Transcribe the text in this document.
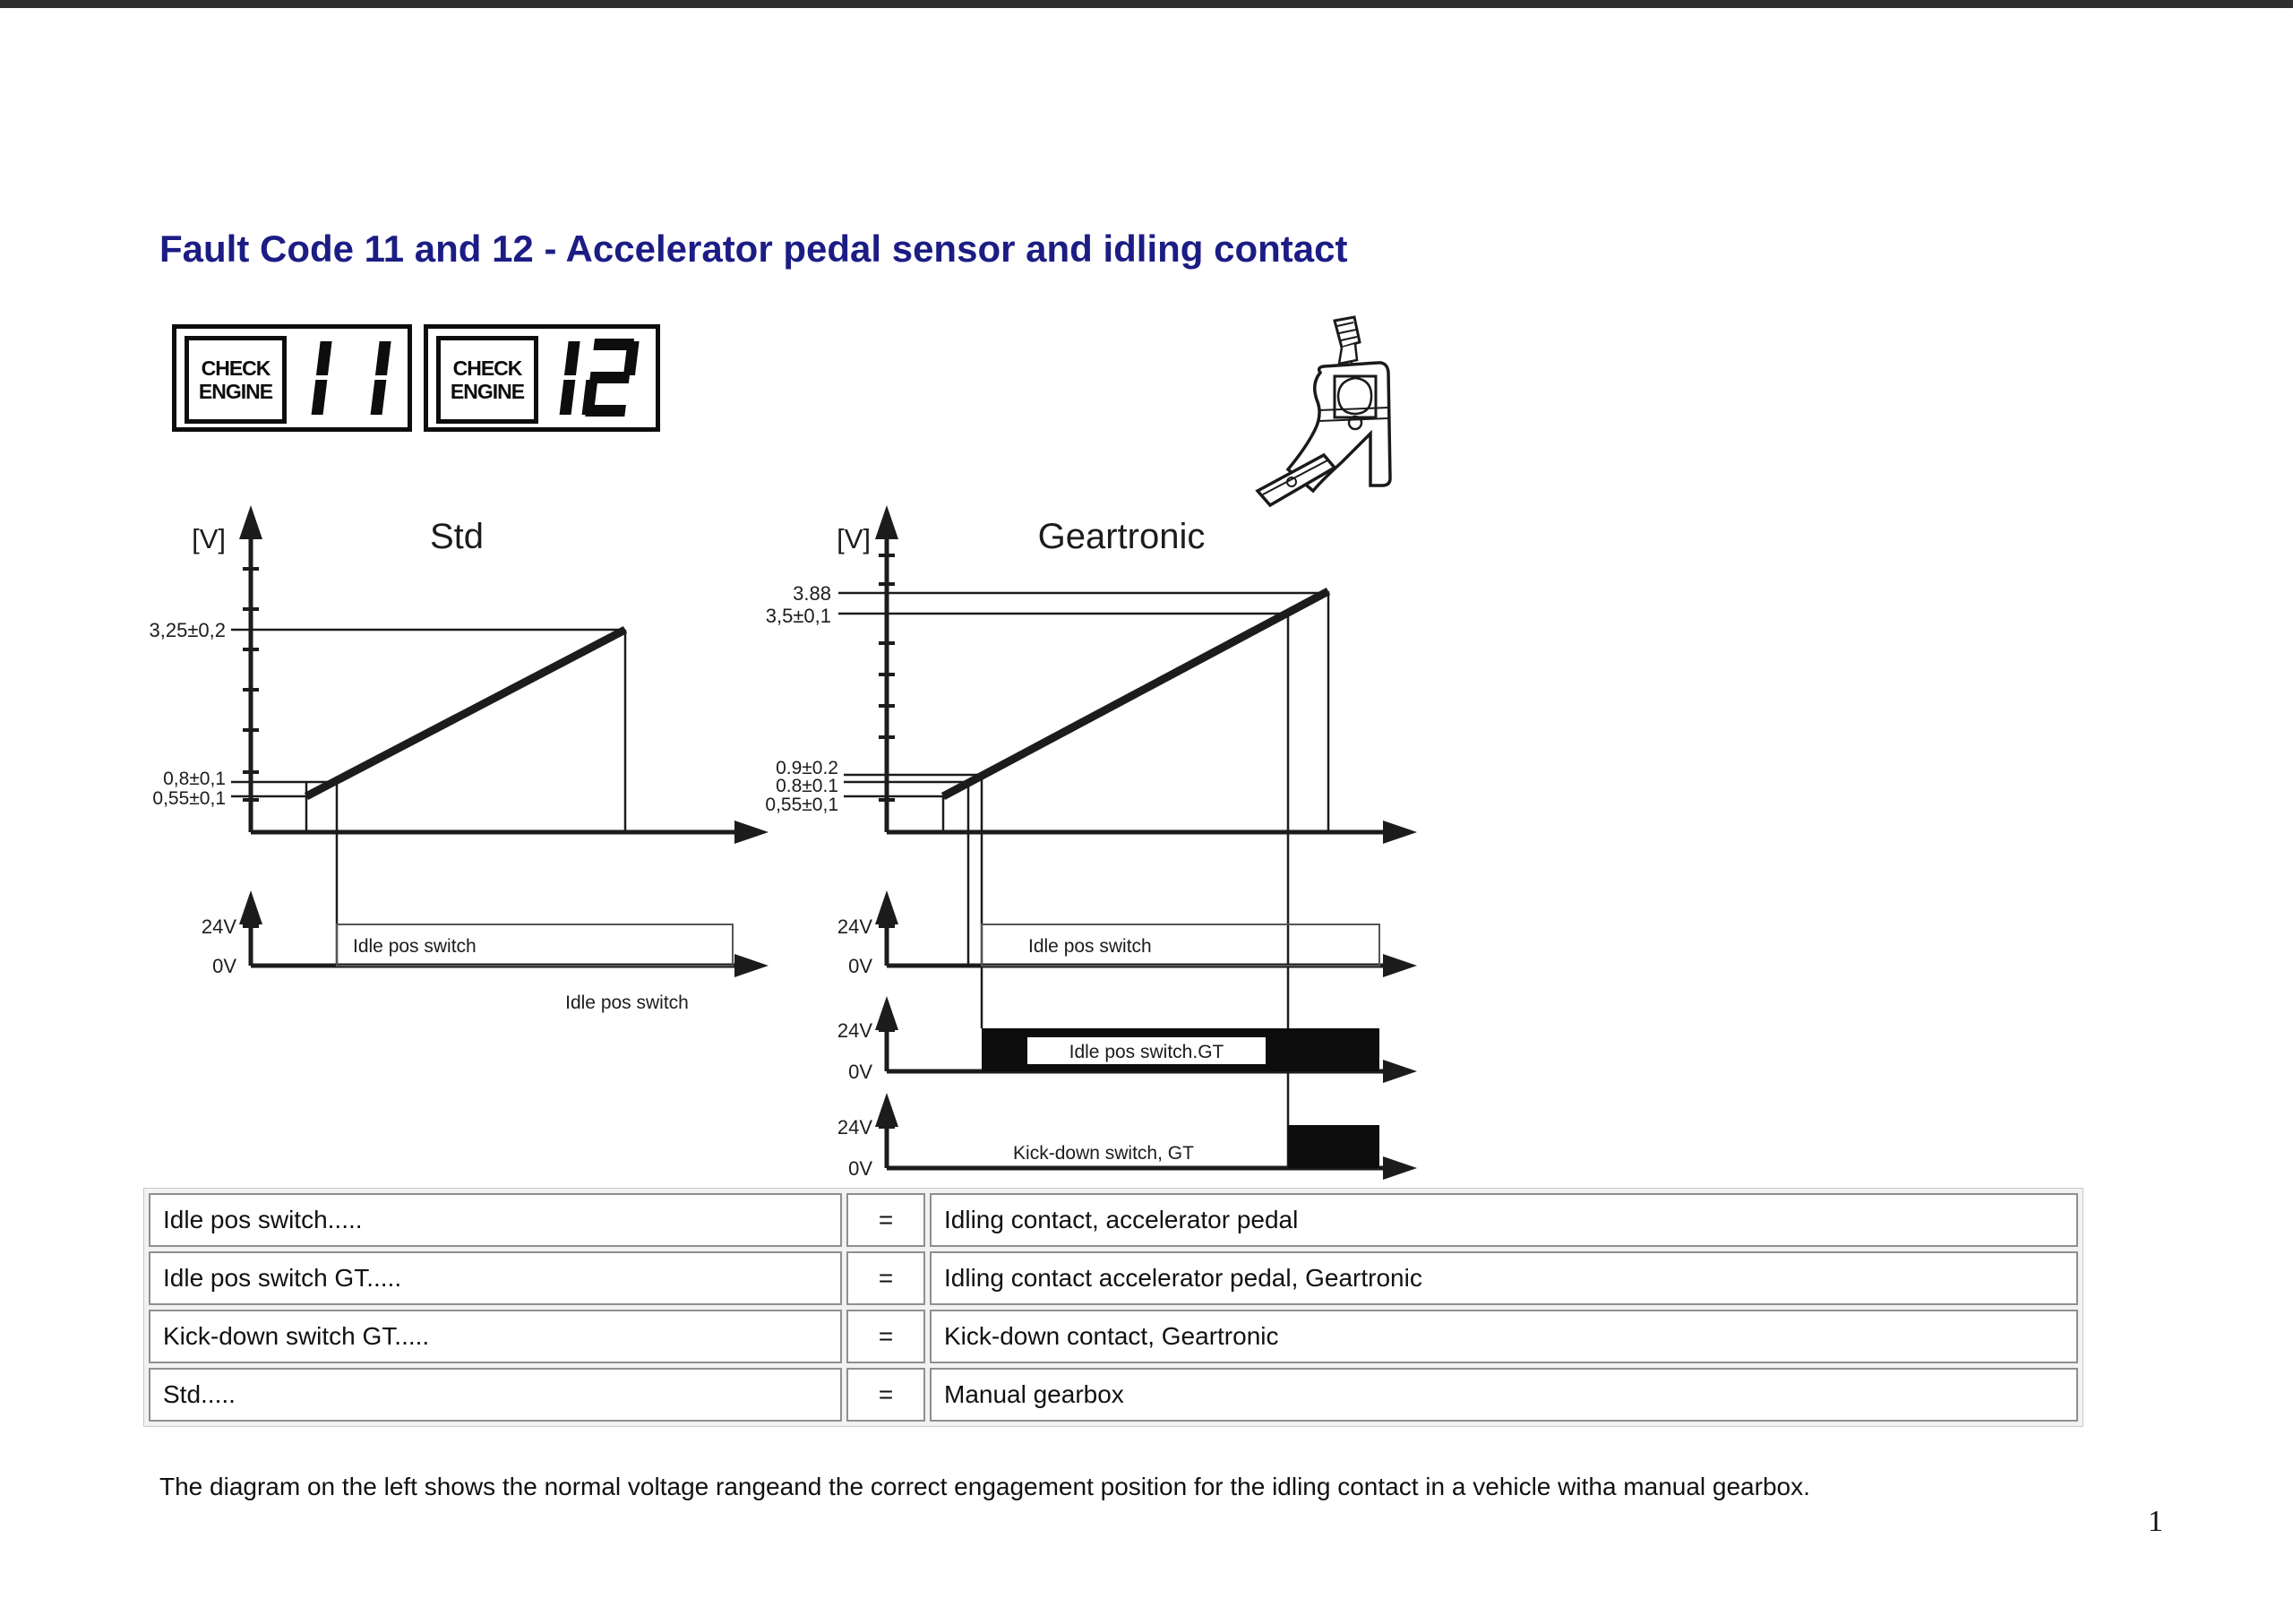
Fault Code 11 and 12 - Accelerator pedal sensor and idling contact
CHECK
ENGINE
CHECK
ENGINE
[V]	Std
3,25±0,2
0,8±0,1
0,55±0,1
24V
0V
Idle pos switch
Idle pos switch
[V]	Geartronic
3.88
3,5±0,1
0.9±0.2
0.8±0.1
0,55±0,1
24V
0V
Idle pos switch
24V
0V
Idle pos switch.GT
24V
0V
Kick-down switch, GT
Idle pos switch.....	=	Idling contact, accelerator pedal
Idle pos switch GT.....	=	Idling contact accelerator pedal, Geartronic
Kick-down switch GT.....	=	Kick-down contact, Geartronic
Std.....	=	Manual gearbox

The diagram on the left shows the normal voltage rangeand the correct engagement position for the idling contact in a vehicle witha manual gearbox.

1
